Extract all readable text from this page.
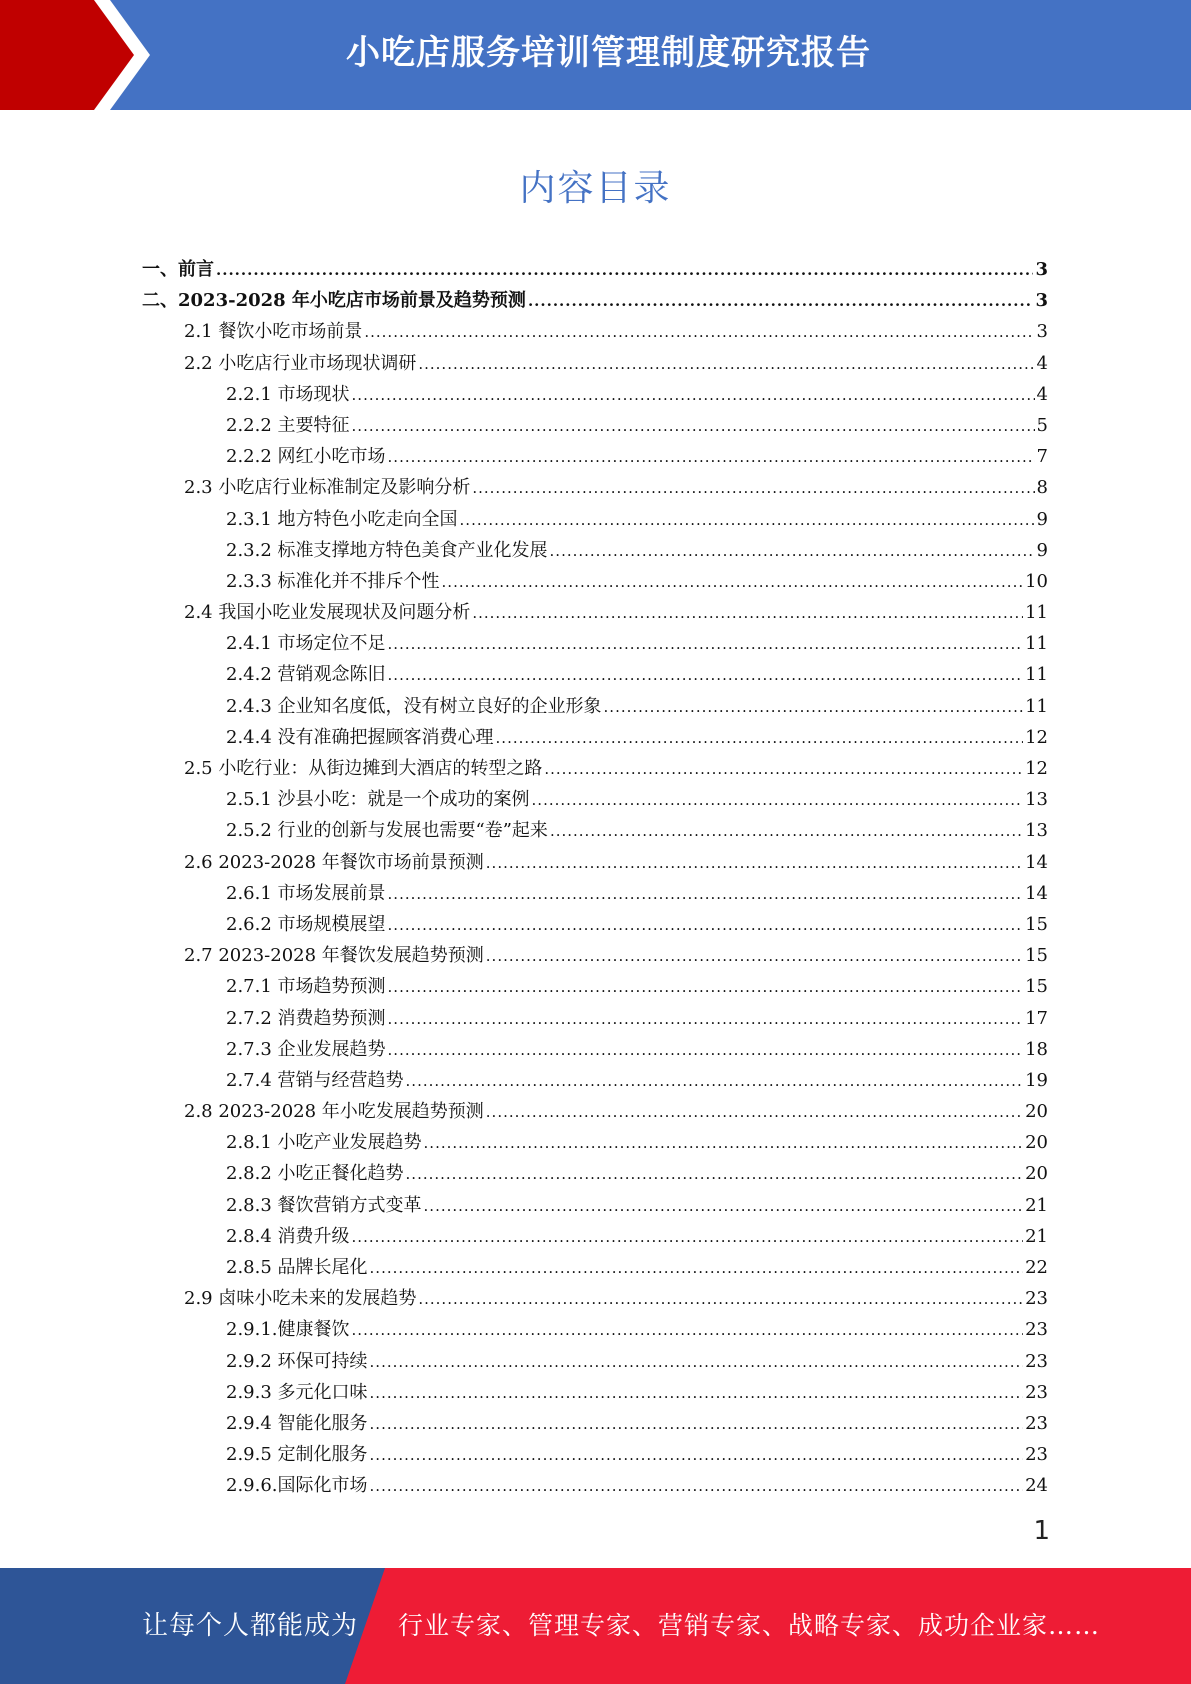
小吃店服务培训管理制度研究报告
内容目录
一、前言 .....	3
二、2023-2028 年小吃店市场前景及趋势预测 .....	3
2.1 餐饮小吃市场前景 .....	3
2.2 小吃店行业市场现状调研 .....	4
2.2.1 市场现状 .....	4
2.2.2 主要特征 .....	5
2.2.2 网红小吃市场 .....	7
2.3 小吃店行业标准制定及影响分析 .....	8
2.3.1 地方特色小吃走向全国 .....	9
2.3.2 标准支撑地方特色美食产业化发展 .....	9
2.3.3 标准化并不排斥个性 .....	10
2.4 我国小吃业发展现状及问题分析 .....	11
2.4.1 市场定位不足 .....	11
2.4.2 营销观念陈旧 .....	11
2.4.3 企业知名度低，没有树立良好的企业形象 .....	11
2.4.4 没有准确把握顾客消费心理 .....	12
2.5 小吃行业：从街边摊到大酒店的转型之路 .....	12
2.5.1 沙县小吃：就是一个成功的案例 .....	13
2.5.2 行业的创新与发展也需要“卷”起来 .....	13
2.6 2023-2028 年餐饮市场前景预测 .....	14
2.6.1 市场发展前景 .....	14
2.6.2 市场规模展望 .....	15
2.7 2023-2028 年餐饮发展趋势预测 .....	15
2.7.1 市场趋势预测 .....	15
2.7.2 消费趋势预测 .....	17
2.7.3 企业发展趋势 .....	18
2.7.4 营销与经营趋势 .....	19
2.8 2023-2028 年小吃发展趋势预测 .....	20
2.8.1 小吃产业发展趋势 .....	20
2.8.2 小吃正餐化趋势 .....	20
2.8.3 餐饮营销方式变革 .....	21
2.8.4 消费升级 .....	21
2.8.5 品牌长尾化 .....	22
2.9 卤味小吃未来的发展趋势 .....	23
2.9.1.健康餐饮 .....	23
2.9.2 环保可持续 .....	23
2.9.3 多元化口味 .....	23
2.9.4 智能化服务 .....	23
2.9.5 定制化服务 .....	23
2.9.6.国际化市场 .....	24
1
让每个人都能成为 行业专家、管理专家、营销专家、战略专家、成功企业家……
